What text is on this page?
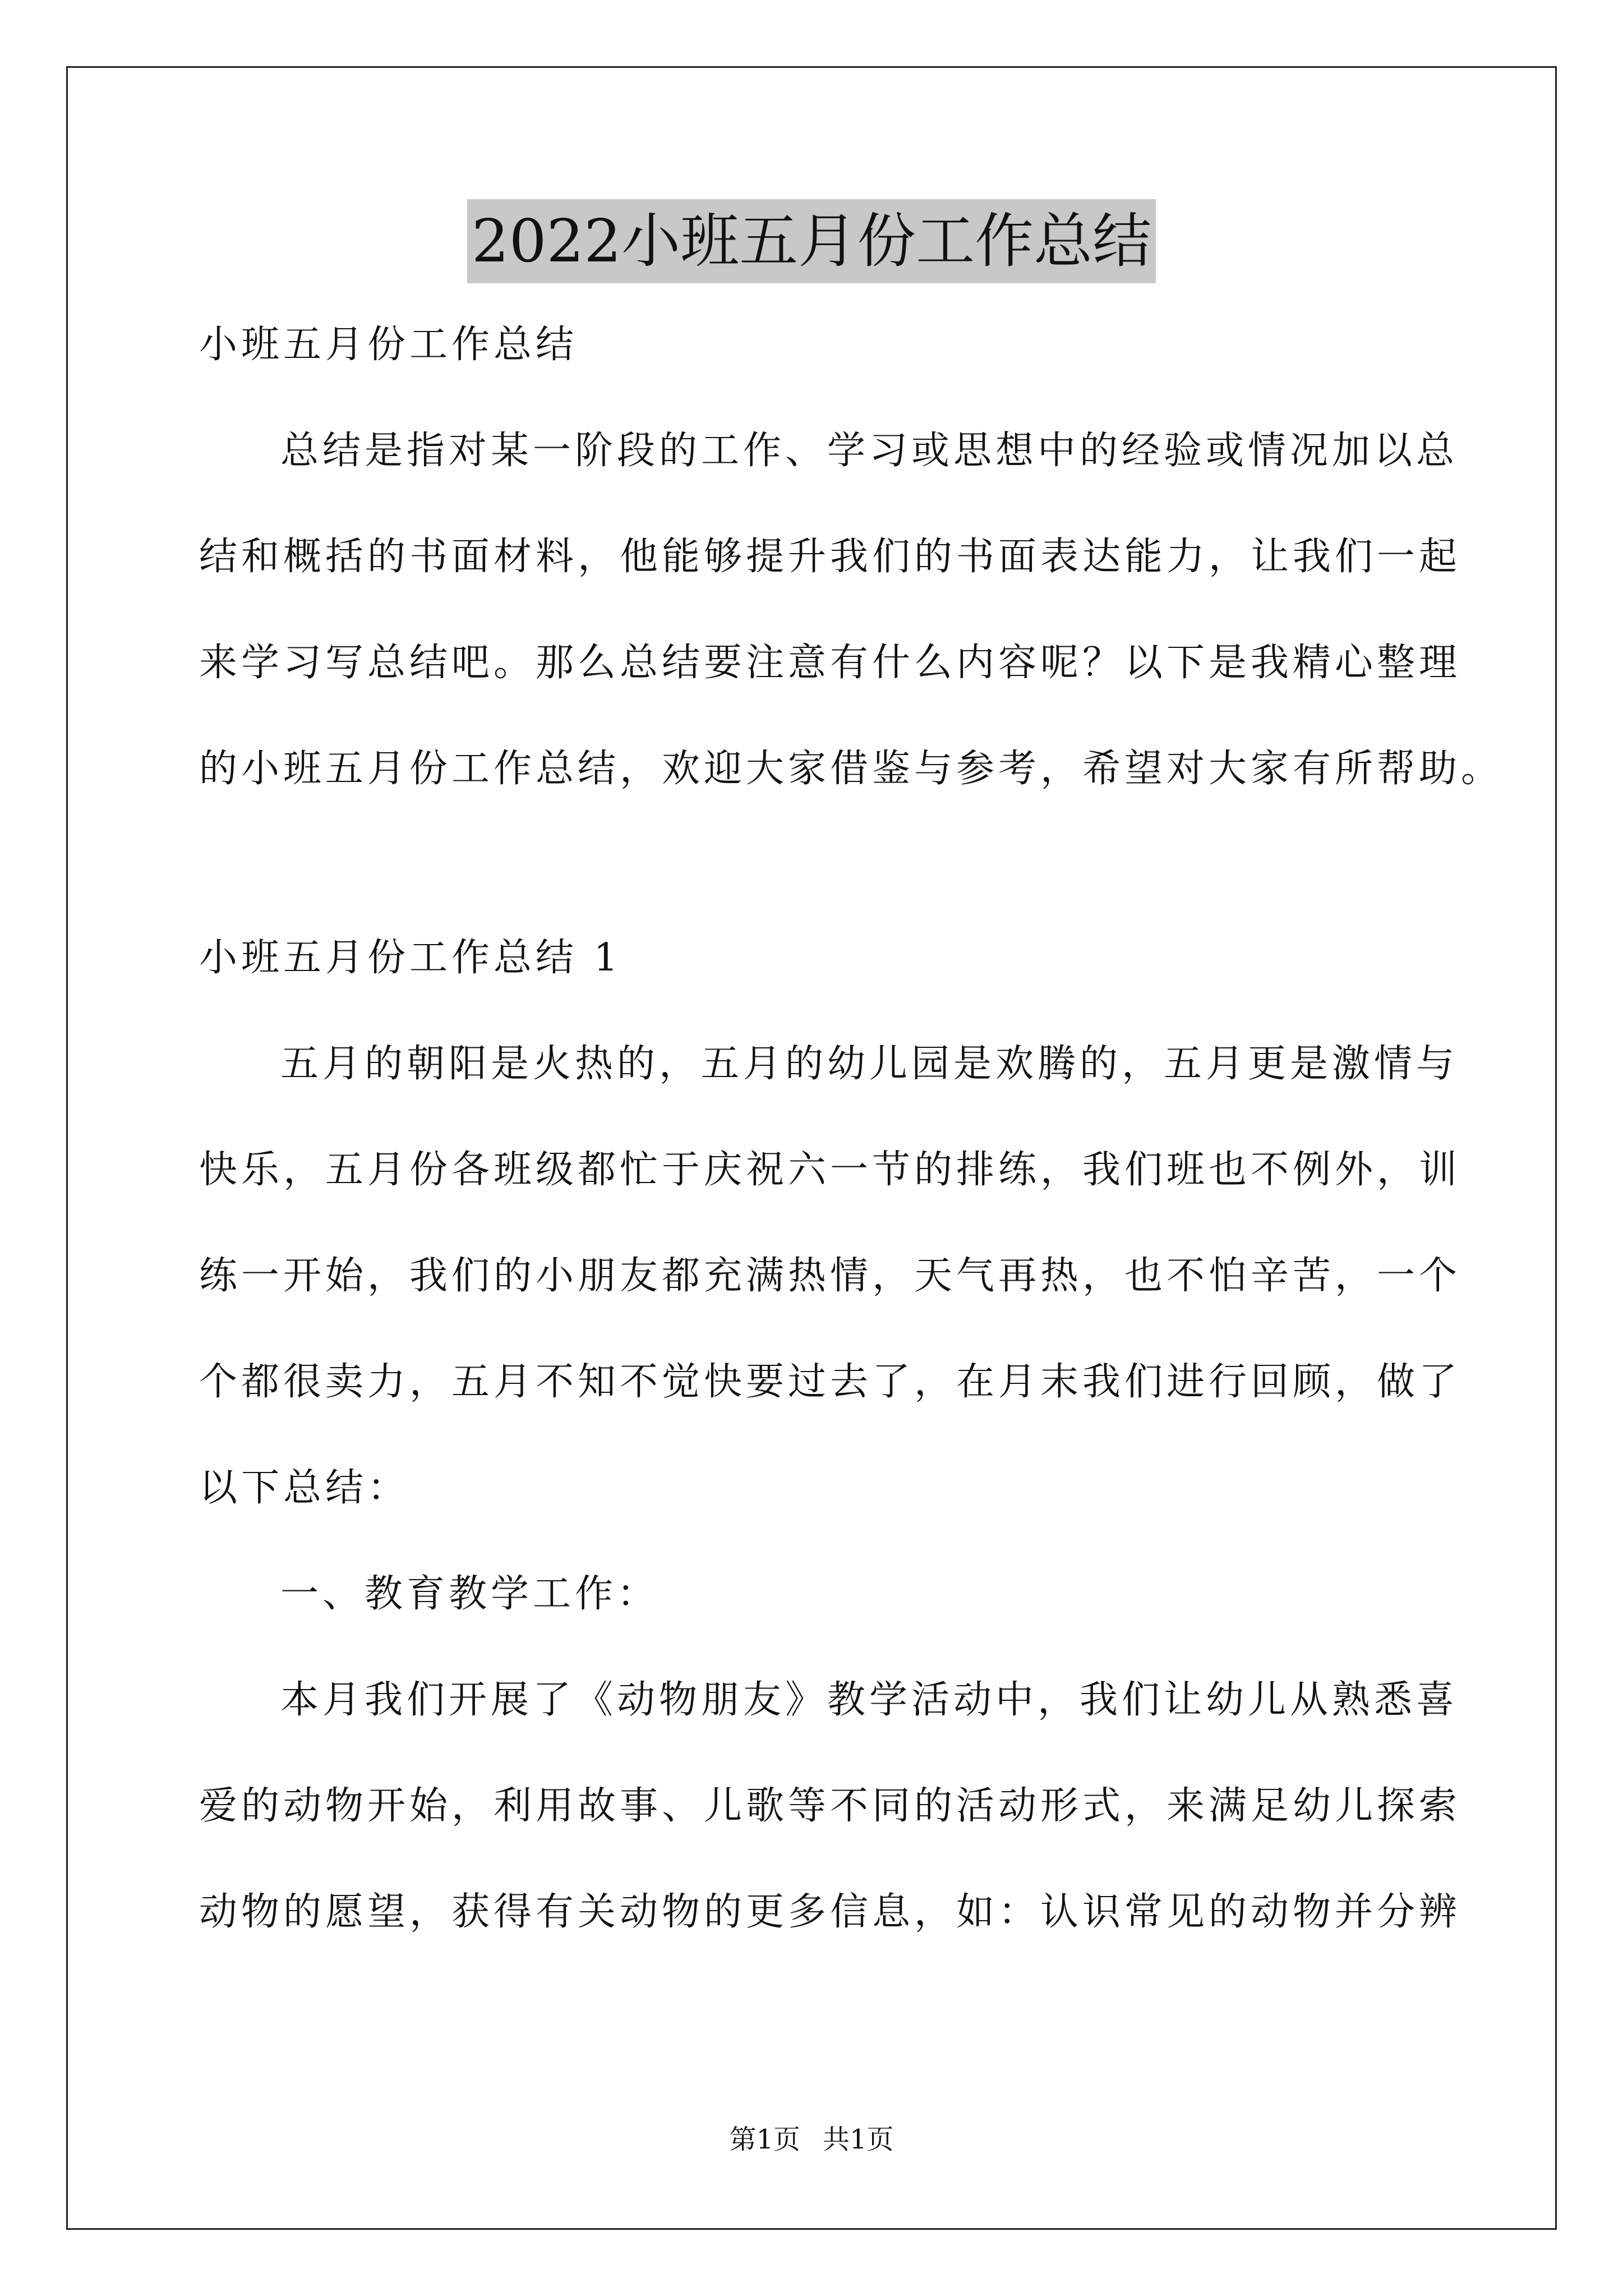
2022小班五月份工作总结
小班五月份工作总结
总结是指对某一阶段的工作、学习或思想中的经验或情况加以总
结和概括的书面材料，他能够提升我们的书面表达能力，让我们一起
来学习写总结吧。那么总结要注意有什么内容呢？以下是我精心整理
的小班五月份工作总结，欢迎大家借鉴与参考，希望对大家有所帮助。
小班五月份工作总结 1
五月的朝阳是火热的，五月的幼儿园是欢腾的，五月更是激情与
快乐，五月份各班级都忙于庆祝六一节的排练，我们班也不例外，训
练一开始，我们的小朋友都充满热情，天气再热，也不怕辛苦，一个
个都很卖力，五月不知不觉快要过去了，在月末我们进行回顾，做了
以下总结：
一、教育教学工作：
本月我们开展了《动物朋友》教学活动中，我们让幼儿从熟悉喜
爱的动物开始，利用故事、儿歌等不同的活动形式，来满足幼儿探索
动物的愿望，获得有关动物的更多信息，如：认识常见的动物并分辨
第1页 共1页
